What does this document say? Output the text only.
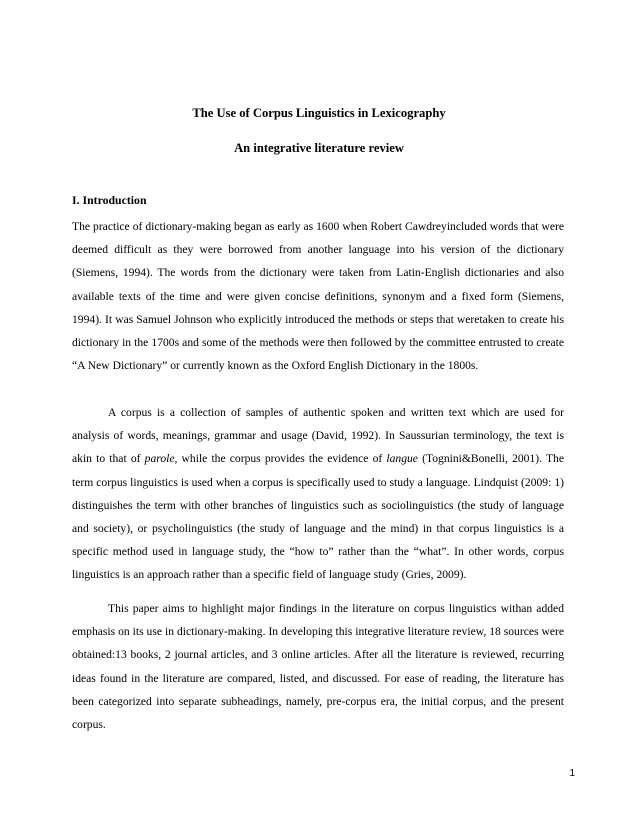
The Use of Corpus Linguistics in Lexicography
An integrative literature review
I. Introduction

The practice of dictionary-making began as early as 1600 when Robert Cawdreyincluded words that were deemed difficult as they were borrowed from another language into his version of the dictionary (Siemens, 1994). The words from the dictionary were taken from Latin-English dictionaries and also available texts of the time and were given concise definitions, synonym and a fixed form (Siemens, 1994). It was Samuel Johnson who explicitly introduced the methods or steps that weretaken to create his dictionary in the 1700s and some of the methods were then followed by the committee entrusted to create “A New Dictionary” or currently known as the Oxford English Dictionary in the 1800s.

A corpus is a collection of samples of authentic spoken and written text which are used for analysis of words, meanings, grammar and usage (David, 1992). In Saussurian terminology, the text is akin to that of parole, while the corpus provides the evidence of langue (Tognini&Bonelli, 2001). The term corpus linguistics is used when a corpus is specifically used to study a language. Lindquist (2009: 1) distinguishes the term with other branches of linguistics such as sociolinguistics (the study of language and society), or psycholinguistics (the study of language and the mind) in that corpus linguistics is a specific method used in language study, the “how to” rather than the “what”. In other words, corpus linguistics is an approach rather than a specific field of language study (Gries, 2009).

This paper aims to highlight major findings in the literature on corpus linguistics withan added emphasis on its use in dictionary-making. In developing this integrative literature review, 18 sources were obtained:13 books, 2 journal articles, and 3 online articles. After all the literature is reviewed, recurring ideas found in the literature are compared, listed, and discussed. For ease of reading, the literature has been categorized into separate subheadings, namely, pre-corpus era, the initial corpus, and the present corpus.

1
